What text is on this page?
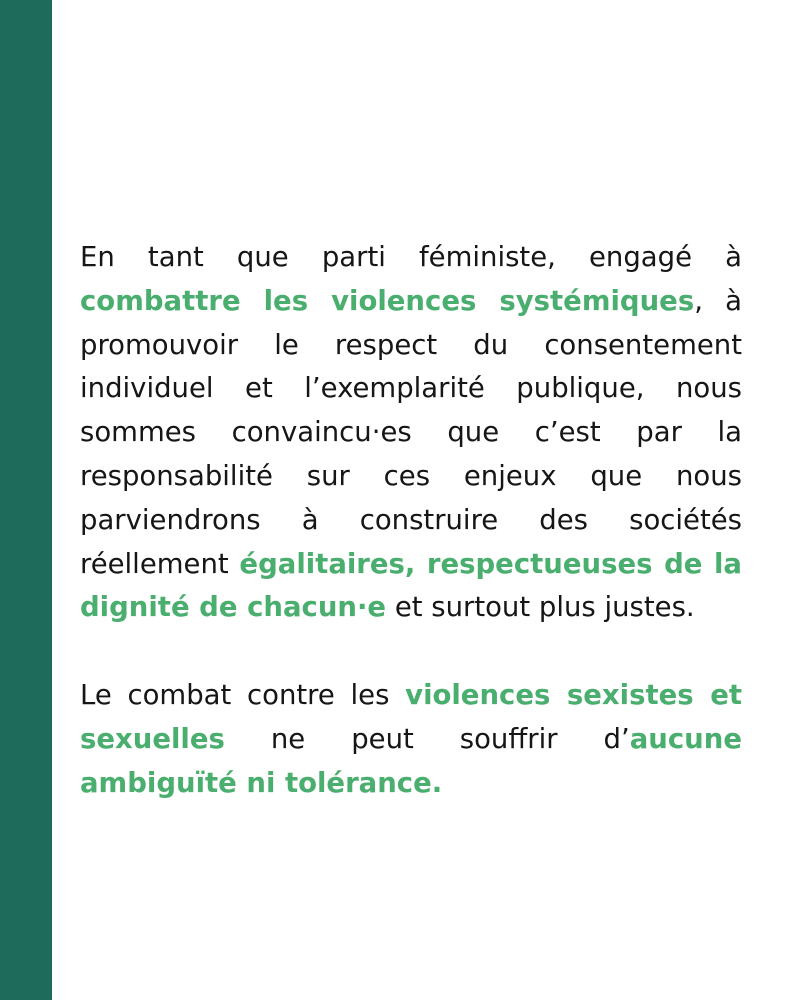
En tant que parti féministe, engagé à combattre les violences systémiques, à promouvoir le respect du consentement individuel et l’exemplarité publique, nous sommes convaincu·es que c’est par la responsabilité sur ces enjeux que nous parviendrons à construire des sociétés réellement égalitaires, respectueuses de la dignité de chacun·e et surtout plus justes.

Le combat contre les violences sexistes et sexuelles ne peut souffrir d’aucune ambiguïté ni tolérance.
